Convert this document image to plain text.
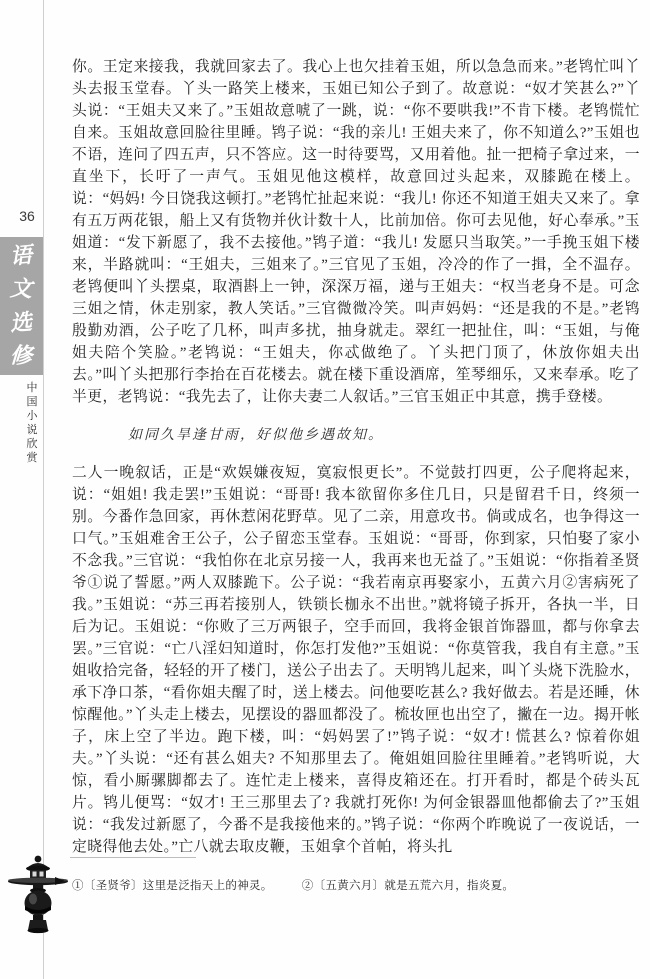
36
语
文
选
修
中
国
小
说
欣
赏

你。王定来接我，我就回家去了。我心上也欠挂着玉姐，所以急急而来。”老鸨忙叫丫头去报玉堂春。丫头一路笑上楼来，玉姐已知公子到了。故意说：“奴才笑甚么?”丫头说：“王姐夫又来了。”玉姐故意唬了一跳，说：“你不要哄我!”不肯下楼。老鸨慌忙自来。玉姐故意回脸往里睡。鸨子说：“我的亲儿! 王姐夫来了，你不知道么?”玉姐也不语，连问了四五声，只不答应。这一时待要骂，又用着他。扯一把椅子拿过来，一直坐下，长吁了一声气。玉姐见他这模样，故意回过头起来，双膝跪在楼上。说：“妈妈! 今日饶我这顿打。”老鸨忙扯起来说：“我儿! 你还不知道王姐夫又来了。拿有五万两花银，船上又有货物并伙计数十人，比前加倍。你可去见他，好心奉承。”玉姐道：“发下新愿了，我不去接他。”鸨子道：“我儿! 发愿只当取笑。”一手挽玉姐下楼来，半路就叫：“王姐夫，三姐来了。”三官见了玉姐，冷冷的作了一揖，全不温存。老鸨便叫丫头摆桌，取酒斟上一钟，深深万福，递与王姐夫：“权当老身不是。可念三姐之情，休走别家，教人笑话。”三官微微冷笑。叫声妈妈：“还是我的不是。”老鸨殷勤劝酒，公子吃了几杯，叫声多扰，抽身就走。翠红一把扯住，叫：“玉姐，与俺姐夫陪个笑脸。”老鸨说：“王姐夫，你忒做绝了。丫头把门顶了，休放你姐夫出去。”叫丫头把那行李抬在百花楼去。就在楼下重设酒席，笙琴细乐，又来奉承。吃了半更，老鸨说：“我先去了，让你夫妻二人叙话。”三官玉姐正中其意，携手登楼。

如同久旱逢甘雨，好似他乡遇故知。

二人一晚叙话，正是“欢娱嫌夜短，寞寂恨更长”。不觉鼓打四更，公子爬将起来，说：“姐姐! 我走罢!”玉姐说：“哥哥! 我本欲留你多住几日，只是留君千日，终须一别。今番作急回家，再休惹闲花野草。见了二亲，用意攻书。倘或成名，也争得这一口气。”玉姐难舍王公子，公子留恋玉堂春。玉姐说：“哥哥，你到家，只怕娶了家小不念我。”三官说：“我怕你在北京另接一人，我再来也无益了。”玉姐说：“你指着圣贤爷①说了誓愿。”两人双膝跪下。公子说：“我若南京再娶家小，五黄六月②害病死了我。”玉姐说：“苏三再若接别人，铁锁长枷永不出世。”就将镜子拆开，各执一半，日后为记。玉姐说：“你败了三万两银子，空手而回，我将金银首饰器皿，都与你拿去罢。”三官说：“亡八淫妇知道时，你怎打发他?”玉姐说：“你莫管我，我自有主意。”玉姐收拾完备，轻轻的开了楼门，送公子出去了。天明鸨儿起来，叫丫头烧下洗脸水，承下净口茶，“看你姐夫醒了时，送上楼去。问他要吃甚么? 我好做去。若是还睡，休惊醒他。”丫头走上楼去，见摆设的器皿都没了。梳妆匣也出空了，撇在一边。揭开帐子，床上空了半边。跑下楼，叫：“妈妈罢了!”鸨子说：“奴才! 慌甚么? 惊着你姐夫。”丫头说：“还有甚么姐夫? 不知那里去了。俺姐姐回脸往里睡着。”老鸨听说，大惊，看小厮骡脚都去了。连忙走上楼来，喜得皮箱还在。打开看时，都是个砖头瓦片。鸨儿便骂：“奴才! 王三那里去了? 我就打死你! 为何金银器皿他都偷去了?”玉姐说：“我发过新愿了，今番不是我接他来的。”鸨子说：“你两个昨晚说了一夜说话，一定晓得他去处。”亡八就去取皮鞭，玉姐拿个首帕，将头扎

①〔圣贤爷〕这里是泛指天上的神灵。	②〔五黄六月〕就是五荒六月，指炎夏。
